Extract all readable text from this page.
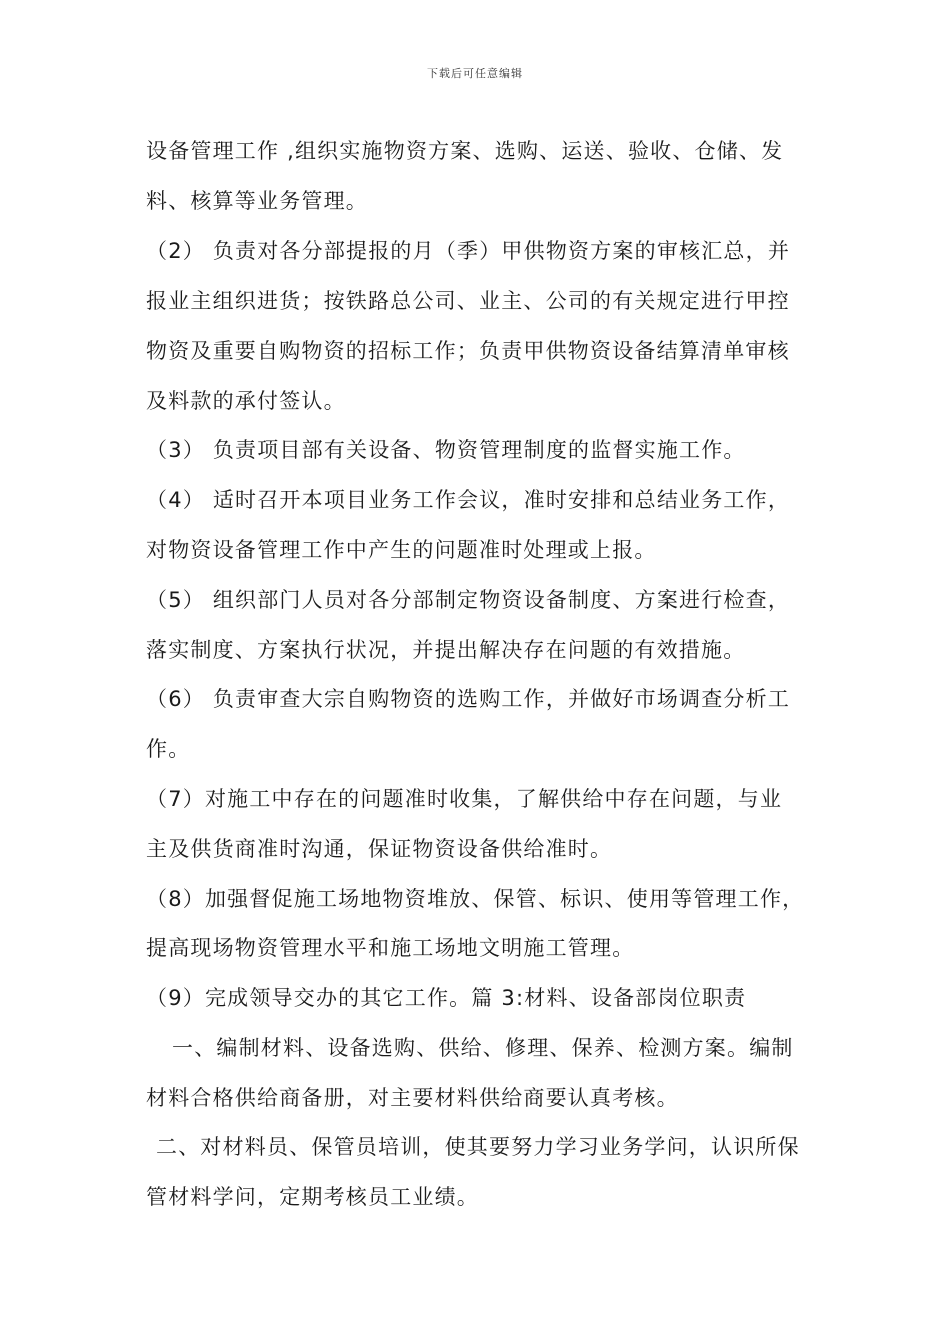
下载后可任意编辑
设备管理工作 ,组织实施物资方案、选购、运送、验收、仓储、发
料、核算等业务管理。
（2） 负责对各分部提报的月（季）甲供物资方案的审核汇总，并
报业主组织进货；按铁路总公司、业主、公司的有关规定进行甲控
物资及重要自购物资的招标工作；负责甲供物资设备结算清单审核
及料款的承付签认。
（3） 负责项目部有关设备、物资管理制度的监督实施工作。
（4） 适时召开本项目业务工作会议，准时安排和总结业务工作，
对物资设备管理工作中产生的问题准时处理或上报。
（5） 组织部门人员对各分部制定物资设备制度、方案进行检查，
落实制度、方案执行状况，并提出解决存在问题的有效措施。
（6） 负责审查大宗自购物资的选购工作，并做好市场调查分析工
作。
（7）对施工中存在的问题准时收集，了解供给中存在问题，与业
主及供货商准时沟通，保证物资设备供给准时。
（8）加强督促施工场地物资堆放、保管、标识、使用等管理工作，
提高现场物资管理水平和施工场地文明施工管理。
（9）完成领导交办的其它工作。篇 3:材料、设备部岗位职责
一、编制材料、设备选购、供给、修理、保养、检测方案。编制
材料合格供给商备册，对主要材料供给商要认真考核。
二、对材料员、保管员培训，使其要努力学习业务学问，认识所保
管材料学问，定期考核员工业绩。
